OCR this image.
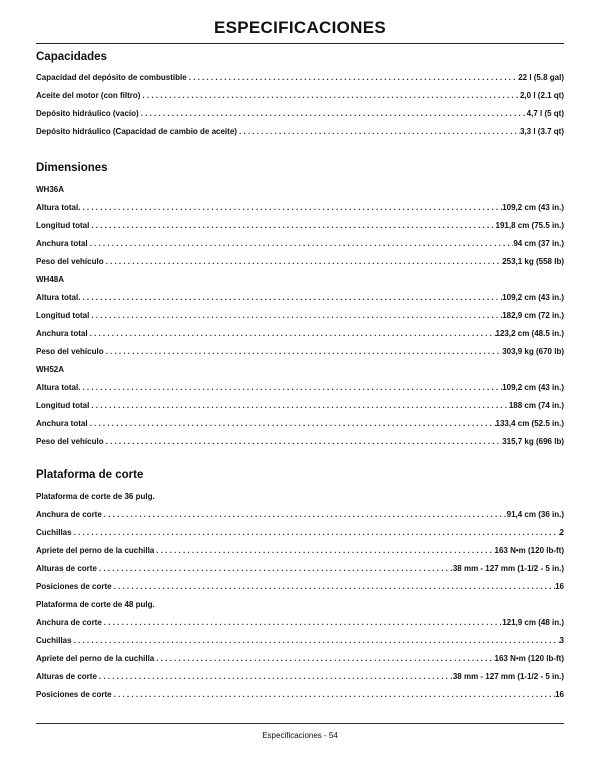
ESPECIFICACIONES
Capacidades
Capacidad del depósito de combustible . . .	22 l (5.8 gal)
Aceite del motor (con filtro) . . .	2,0 l (2.1 qt)
Depósito hidráulico (vacío) . . .	4,7 l (5 qt)
Depósito hidráulico (Capacidad de cambio de aceite) . . .	3,3 l (3.7 qt)
Dimensiones
WH36A
Altura total. . . .	109,2 cm (43 in.)
Longitud total . . .	191,8 cm (75.5 in.)
Anchura total . . .	94 cm (37 in.)
Peso del vehículo . . .	253,1 kg (558 lb)
WH48A
Altura total. . . .	109,2 cm (43 in.)
Longitud total . . .	182,9 cm (72 in.)
Anchura total . . .	123,2 cm (48.5 in.)
Peso del vehículo . . .	303,9 kg (670 lb)
WH52A
Altura total. . . .	109,2 cm (43 in.)
Longitud total . . .	188 cm (74 in.)
Anchura total . . .	133,4 cm (52.5 in.)
Peso del vehículo . . .	315,7 kg (696 lb)
Plataforma de corte
Plataforma de corte de 36 pulg.
Anchura de corte . . .	91,4 cm (36 in.)
Cuchillas . . .	2
Apriete del perno de la cuchilla . . .	163 N•m (120 lb-ft)
Alturas de corte . . .	38 mm - 127 mm (1-1/2 - 5 in.)
Posiciones de corte . . .	16
Plataforma de corte de 48 pulg.
Anchura de corte . . .	121,9 cm (48 in.)
Cuchillas . . .	3
Apriete del perno de la cuchilla . . .	163 N•m (120 lb-ft)
Alturas de corte . . .	38 mm - 127 mm (1-1/2 - 5 in.)
Posiciones de corte . . .	16
Especificaciones - 54
